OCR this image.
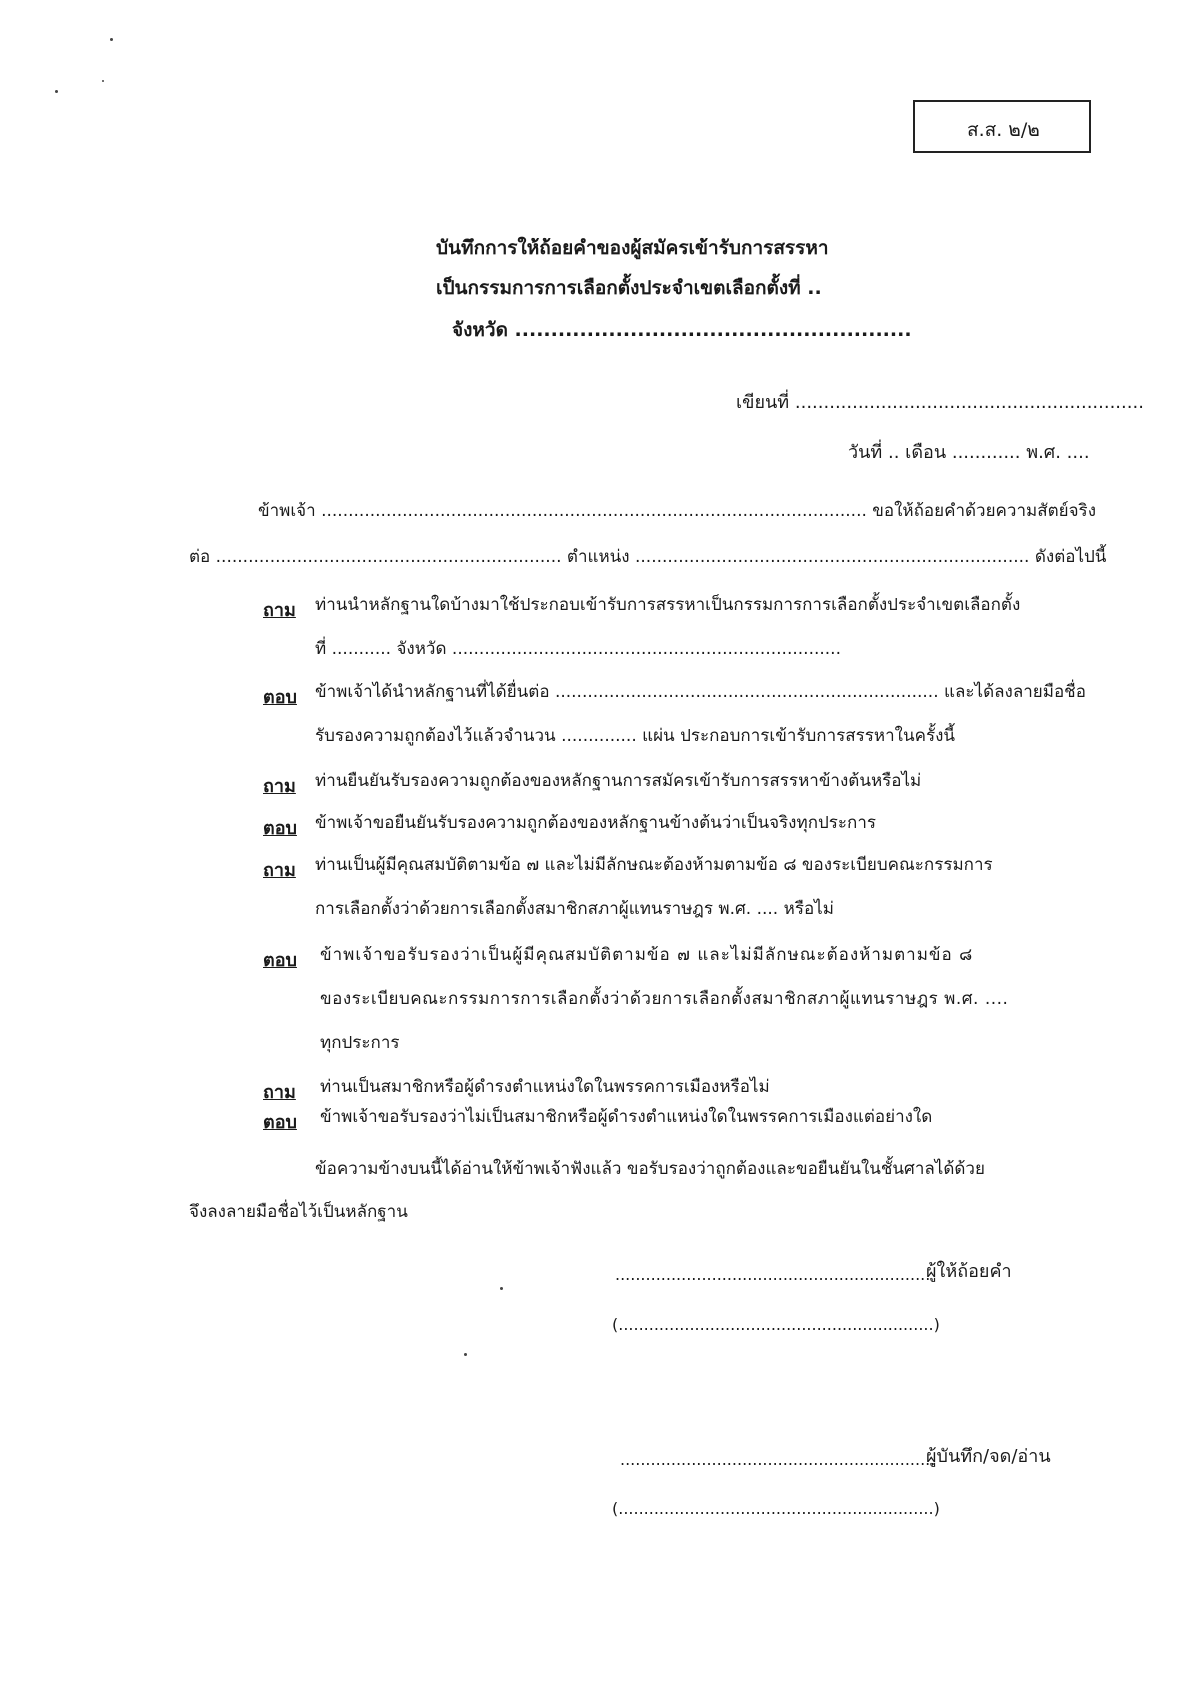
ส.ส. ๒/๒
บันทึกการให้ถ้อยคำของผู้สมัครเข้ารับการสรรหา
เป็นกรรมการการเลือกตั้งประจำเขตเลือกตั้งที่ ..
จังหวัด .......................................................
เขียนที่ .............................................................
วันที่ .. เดือน ............ พ.ศ. ....
ข้าพเจ้า ..................................................................................................... ขอให้ถ้อยคำด้วยความสัตย์จริง
ต่อ ................................................................ ตำแหน่ง ......................................................................... ดังต่อไปนี้
ถาม ท่านนำหลักฐานใดบ้างมาใช้ประกอบเข้ารับการสรรหาเป็นกรรมการการเลือกตั้งประจำเขตเลือกตั้ง
ที่ ........... จังหวัด ........................................................................
ตอบ ข้าพเจ้าได้นำหลักฐานที่ได้ยื่นต่อ ....................................................................... และได้ลงลายมือชื่อ
รับรองความถูกต้องไว้แล้วจำนวน .............. แผ่น ประกอบการเข้ารับการสรรหาในครั้งนี้
ถาม ท่านยืนยันรับรองความถูกต้องของหลักฐานการสมัครเข้ารับการสรรหาข้างต้นหรือไม่
ตอบ ข้าพเจ้าขอยืนยันรับรองความถูกต้องของหลักฐานข้างต้นว่าเป็นจริงทุกประการ
ถาม ท่านเป็นผู้มีคุณสมบัติตามข้อ ๗ และไม่มีลักษณะต้องห้ามตามข้อ ๘ ของระเบียบคณะกรรมการ
การเลือกตั้งว่าด้วยการเลือกตั้งสมาชิกสภาผู้แทนราษฎร พ.ศ. .... หรือไม่
ตอบ ข้าพเจ้าขอรับรองว่าเป็นผู้มีคุณสมบัติตามข้อ ๗ และไม่มีลักษณะต้องห้ามตามข้อ ๘
ของระเบียบคณะกรรมการการเลือกตั้งว่าด้วยการเลือกตั้งสมาชิกสภาผู้แทนราษฎร พ.ศ. ....
ทุกประการ
ถาม ท่านเป็นสมาชิกหรือผู้ดำรงตำแหน่งใดในพรรคการเมืองหรือไม่
ตอบ ข้าพเจ้าขอรับรองว่าไม่เป็นสมาชิกหรือผู้ดำรงตำแหน่งใดในพรรคการเมืองแต่อย่างใด
ข้อความข้างบนนี้ได้อ่านให้ข้าพเจ้าฟังแล้ว ขอรับรองว่าถูกต้องและขอยืนยันในชั้นศาลได้ด้วย
จึงลงลายมือชื่อไว้เป็นหลักฐาน
..............................................................
ผู้ให้ถ้อยคำ
(..............................................................)
..............................................................
ผู้บันทึก/จด/อ่าน
(..............................................................)
